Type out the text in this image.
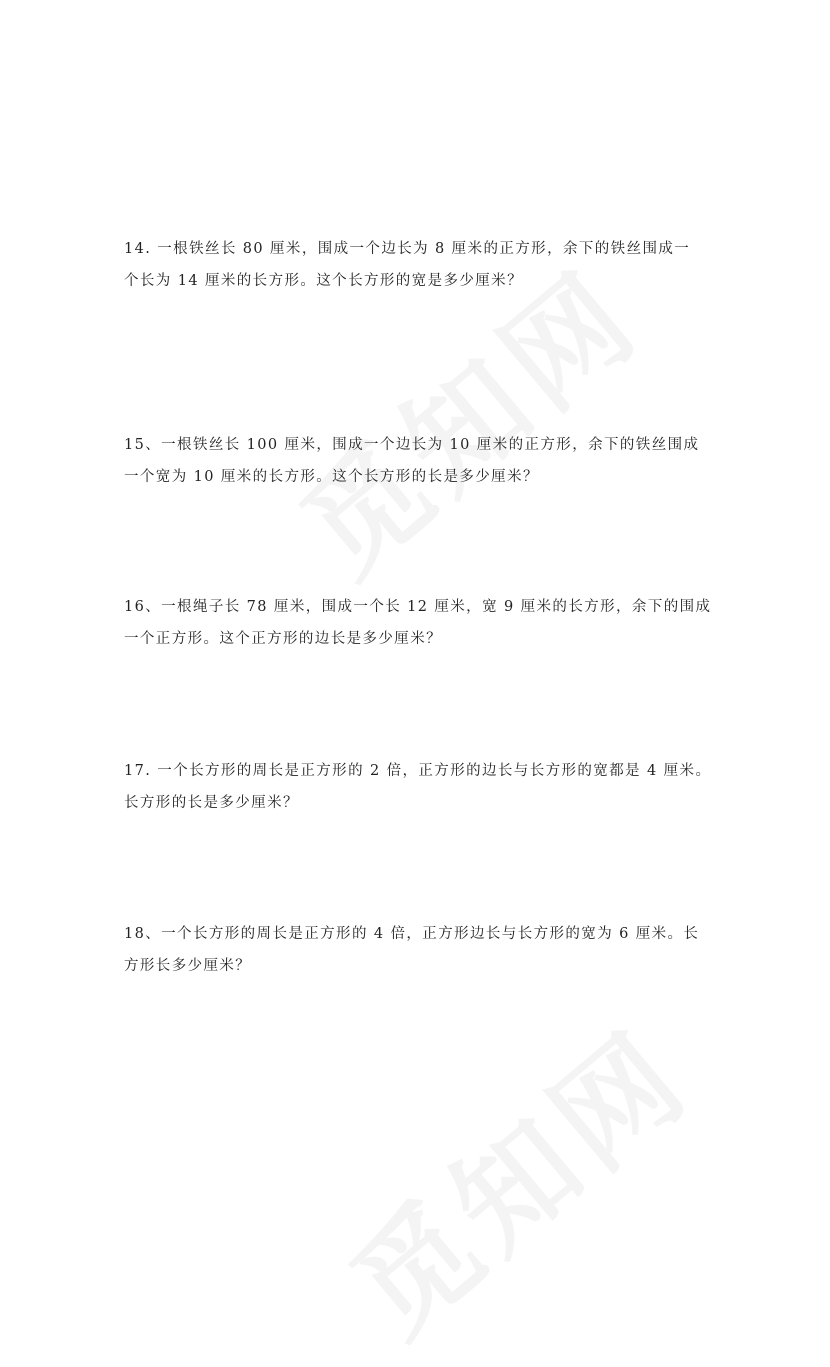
14. 一根铁丝长 80 厘米，围成一个边长为 8 厘米的正方形，余下的铁丝围成一
个长为 14 厘米的长方形。这个长方形的宽是多少厘米？
15、一根铁丝长 100 厘米，围成一个边长为 10 厘米的正方形，余下的铁丝围成
一个宽为 10 厘米的长方形。这个长方形的长是多少厘米？
16、一根绳子长 78 厘米，围成一个长 12 厘米，宽 9 厘米的长方形，余下的围成
一个正方形。这个正方形的边长是多少厘米？
17. 一个长方形的周长是正方形的 2 倍，正方形的边长与长方形的宽都是 4 厘米。
长方形的长是多少厘米？
18、一个长方形的周长是正方形的 4 倍，正方形边长与长方形的宽为 6 厘米。长
方形长多少厘米？
